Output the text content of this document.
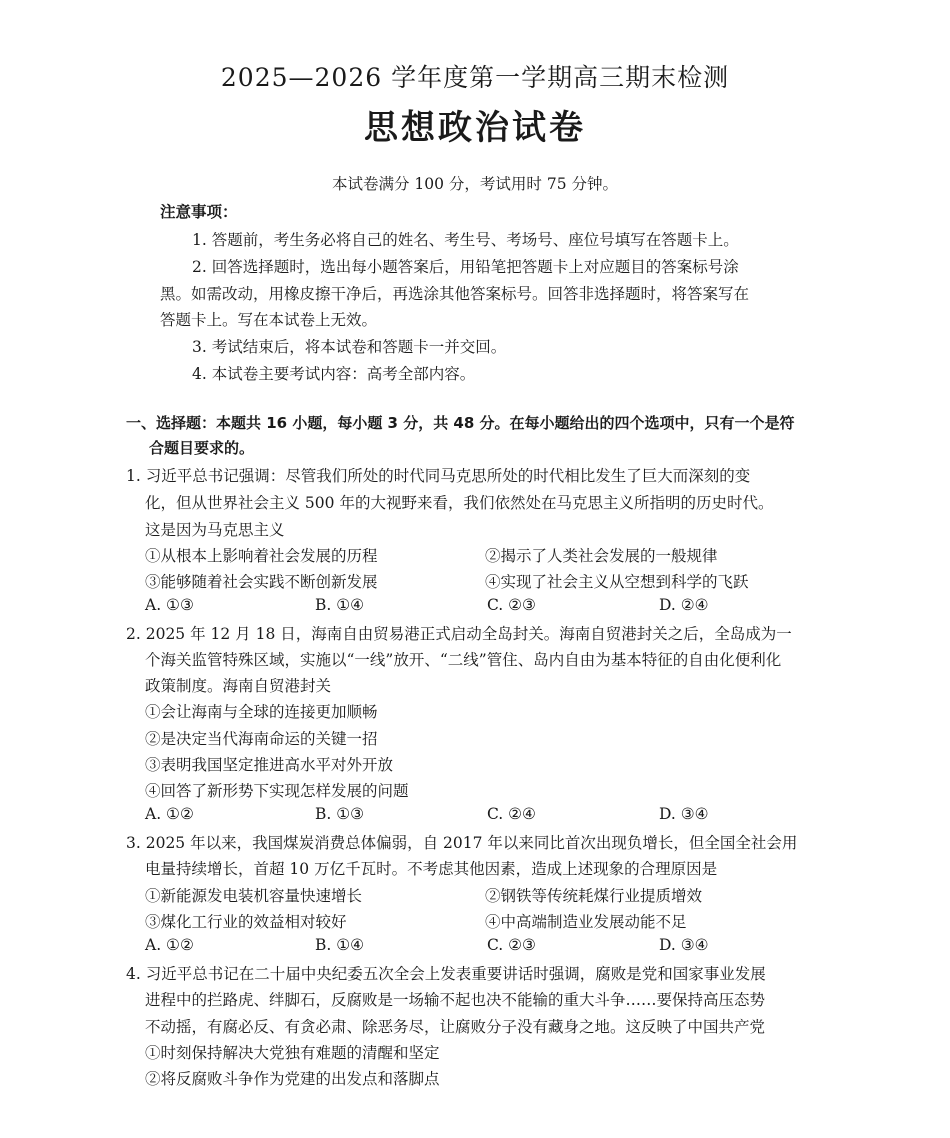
2025—2026 学年度第一学期高三期末检测
思想政治试卷
本试卷满分 100 分，考试用时 75 分钟。
注意事项：
1. 答题前，考生务必将自己的姓名、考生号、考场号、座位号填写在答题卡上。
2. 回答选择题时，选出每小题答案后，用铅笔把答题卡上对应题目的答案标号涂
黑。如需改动，用橡皮擦干净后，再选涂其他答案标号。回答非选择题时，将答案写在
答题卡上。写在本试卷上无效。
3. 考试结束后，将本试卷和答题卡一并交回。
4. 本试卷主要考试内容：高考全部内容。
一、选择题：本题共 16 小题，每小题 3 分，共 48 分。在每小题给出的四个选项中，只有一个是符
合题目要求的。
1. 习近平总书记强调：尽管我们所处的时代同马克思所处的时代相比发生了巨大而深刻的变
化，但从世界社会主义 500 年的大视野来看，我们依然处在马克思主义所指明的历史时代。
这是因为马克思主义
①从根本上影响着社会发展的历程	②揭示了人类社会发展的一般规律
③能够随着社会实践不断创新发展	④实现了社会主义从空想到科学的飞跃
A. ①③	B. ①④	C. ②③	D. ②④
2. 2025 年 12 月 18 日，海南自由贸易港正式启动全岛封关。海南自贸港封关之后，全岛成为一
个海关监管特殊区域，实施以“一线”放开、“二线”管住、岛内自由为基本特征的自由化便利化
政策制度。海南自贸港封关
①会让海南与全球的连接更加顺畅
②是决定当代海南命运的关键一招
③表明我国坚定推进高水平对外开放
④回答了新形势下实现怎样发展的问题
A. ①②	B. ①③	C. ②④	D. ③④
3. 2025 年以来，我国煤炭消费总体偏弱，自 2017 年以来同比首次出现负增长，但全国全社会用
电量持续增长，首超 10 万亿千瓦时。不考虑其他因素，造成上述现象的合理原因是
①新能源发电装机容量快速增长	②钢铁等传统耗煤行业提质增效
③煤化工行业的效益相对较好	④中高端制造业发展动能不足
A. ①②	B. ①④	C. ②③	D. ③④
4. 习近平总书记在二十届中央纪委五次全会上发表重要讲话时强调，腐败是党和国家事业发展
进程中的拦路虎、绊脚石，反腐败是一场输不起也决不能输的重大斗争……要保持高压态势
不动摇，有腐必反、有贪必肃、除恶务尽，让腐败分子没有藏身之地。这反映了中国共产党
①时刻保持解决大党独有难题的清醒和坚定
②将反腐败斗争作为党建的出发点和落脚点
